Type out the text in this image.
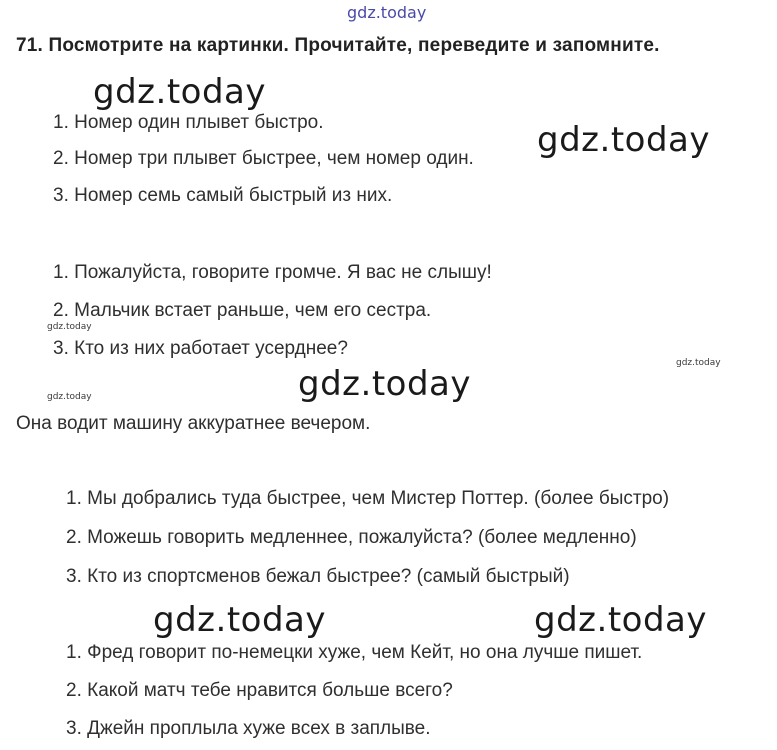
gdz.today
71. Посмотрите на картинки. Прочитайте, переведите и запомните.
1. Номер один плывет быстро.
2. Номер три плывет быстрее, чем номер один.
3. Номер семь самый быстрый из них.
1. Пожалуйста, говорите громче. Я вас не слышу!
2. Мальчик встает раньше, чем его сестра.
3. Кто из них работает усерднее?
Она водит машину аккуратнее вечером.
1. Мы добрались туда быстрее, чем Мистер Поттер. (более быстро)
2. Можешь говорить медленнее, пожалуйста? (более медленно)
3. Кто из спортсменов бежал быстрее? (самый быстрый)
1. Фред говорит по-немецки хуже, чем Кейт, но она лучше пишет.
2. Какой матч тебе нравится больше всего?
3. Джейн проплыла хуже всех в заплыве.
gdz.today
gdz.today
gdz.today
gdz.today	gdz.today
gdz.today
gdz.today
gdz.today
